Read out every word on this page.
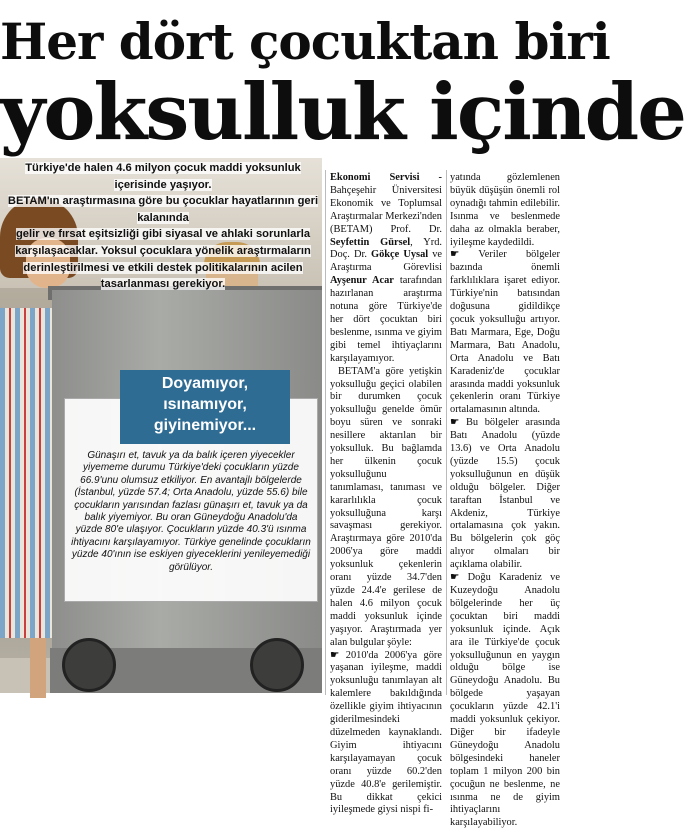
Her dört çocuktan biri
yoksulluk içinde
Türkiye'de halen 4.6 milyon çocuk maddi yoksunluk içerisinde yaşıyor.
BETAM'ın araştırmasına göre bu çocuklar hayatlarının geri kalanında
gelir ve fırsat eşitsizliği gibi siyasal ve ahlaki sorunlarla
karşılaşacaklar. Yoksul çocuklara yönelik araştırmaların
derinleştirilmesi ve etkili destek politikalarının acilen
tasarlanması gerekiyor.
Doyamıyor,
ısınamıyor,
giyinemiyor...
Günaşırı et, tavuk ya da balık içeren yiyecekler yiyememe durumu Türkiye'deki çocukların yüzde 66.9'unu olumsuz etkiliyor. En avantajlı bölgelerde (İstanbul, yüzde 57.4; Orta Anadolu, yüzde 55.6) bile çocukların yarısından fazlası günaşırı et, tavuk ya da balık yiyemiyor. Bu oran Güneydoğu Anadolu'da yüzde 80'e ulaşıyor. Çocukların yüzde 40.3'ü ısınma ihtiyacını karşılayamıyor. Türkiye genelinde çocukların yüzde 40'ının ise eskiyen giyeceklerini yenileyemediği görülüyor.

Ekonomi Servisi - Bahçeşehir Üniversitesi Ekonomik ve Toplumsal Araştırmalar Merkezi'nden (BETAM) Prof. Dr. Seyfettin Gürsel, Yrd. Doç. Dr. Gökçe Uysal ve Araştırma Görevlisi Ayşenur Acar tarafından hazırlanan araştırma notuna göre Türkiye'de her dört çocuktan biri beslenme, ısınma ve giyim gibi temel ihtiyaçlarını karşılayamıyor.

BETAM'a göre yetişkin yoksulluğu geçici olabilen bir durumken çocuk yoksulluğu genelde ömür boyu süren ve sonraki nesillere aktarılan bir yoksulluk. Bu bağlamda her ülkenin çocuk yoksulluğunu tanımlaması, tanıması ve kararlılıkla çocuk yoksulluğuna karşı savaşması gerekiyor. Araştırmaya göre 2010'da 2006'ya göre maddi yoksunluk çekenlerin oranı yüzde 34.7'den yüzde 24.4'e gerilese de halen 4.6 milyon çocuk maddi yoksunluk içinde yaşıyor. Araştırmada yer alan bulgular şöyle:

☛ 2010'da 2006'ya göre yaşanan iyileşme, maddi yoksunluğu tanımlayan alt kalemlere bakıldığında özellikle giyim ihtiyacının giderilmesindeki düzelmeden kaynaklandı. Giyim ihtiyacını karşılayamayan çocuk oranı yüzde 60.2'den yüzde 40.8'e gerilemiştir. Bu dikkat çekici iyileşmede giysi nispi fi-

yatında gözlemlenen büyük düşüşün önemli rol oynadığı tahmin edilebilir. Isınma ve beslenmede daha az olmakla beraber, iyileşme kaydedildi.

☛ Veriler bölgeler bazında önemli farklılıklara işaret ediyor. Türkiye'nin batısından doğusuna gidildikçe çocuk yoksulluğu artıyor. Batı Marmara, Ege, Doğu Marmara, Batı Anadolu, Orta Anadolu ve Batı Karadeniz'de çocuklar arasında maddi yoksunluk çekenlerin oranı Türkiye ortalamasının altında.

☛ Bu bölgeler arasında Batı Anadolu (yüzde 13.6) ve Orta Anadolu (yüzde 15.5) çocuk yoksulluğunun en düşük olduğu bölgeler. Diğer taraftan İstanbul ve Akdeniz, Türkiye ortalamasına çok yakın. Bu bölgelerin çok göç alıyor olmaları bir açıklama olabilir.

☛ Doğu Karadeniz ve Kuzeydoğu Anadolu bölgelerinde her üç çocuktan biri maddi yoksunluk içinde. Açık ara ile Türkiye'de çocuk yoksulluğunun en yaygın olduğu bölge ise Güneydoğu Anadolu. Bu bölgede yaşayan çocukların yüzde 42.1'i maddi yoksunluk çekiyor. Diğer bir ifadeyle Güneydoğu Anadolu bölgesindeki haneler toplam 1 milyon 200 bin çocuğun ne beslenme, ne ısınma ne de giyim ihtiyaçlarını karşılayabiliyor.
